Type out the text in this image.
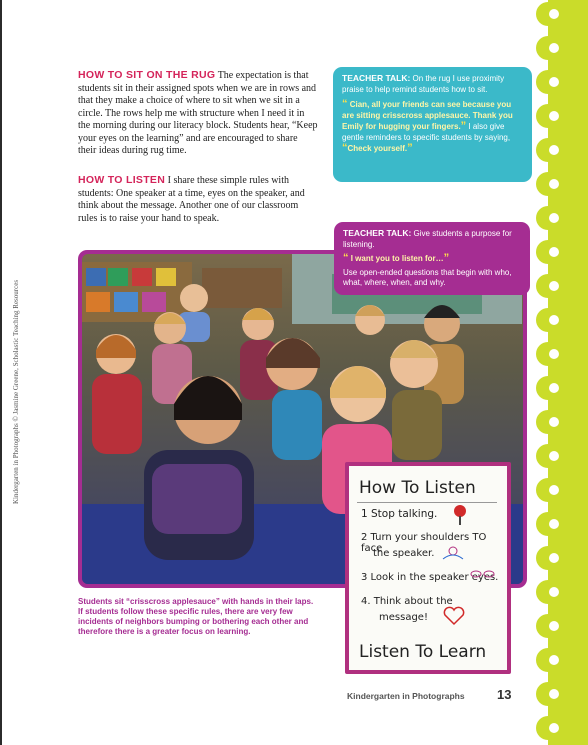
Kindergarten in Photographs © Jasmine Greene, Scholastic Teaching Resources
HOW TO SIT ON THE RUG The expectation is that students sit in their assigned spots when we are in rows and that they make a choice of where to sit when we sit in a circle. The rows help me with structure when I need it in the morning during our literacy block. Students hear, “Keep your eyes on the learning” and are encouraged to share their ideas during rug time.
HOW TO LISTEN I share these simple rules with students: One speaker at a time, eyes on the speaker, and think about the message. Another one of our classroom rules is to raise your hand to speak.
TEACHER TALK: On the rug I use proximity praise to help remind students how to sit.
“ Cian, all your friends can see because you are sitting crisscross applesauce. Thank you Emily for hugging your fingers.” I also give gentle reminders to specific students by saying, “Check yourself.”
TEACHER TALK: Give students a purpose for listening.
“ I want you to listen for…”
Use open-ended questions that begin with who, what, where, when, and why.
How To Listen
1 Stop talking.
2 Turn your shoulders TO face
the speaker.
3 Look in the speaker eyes.
4. Think about the
message!
Listen To Learn
Students sit “crisscross applesauce” with hands in their laps. If students follow these specific rules, there are very few incidents of neighbors bumping or bothering each other and therefore there is a greater focus on learning.
Kindergarten in Photographs 13
